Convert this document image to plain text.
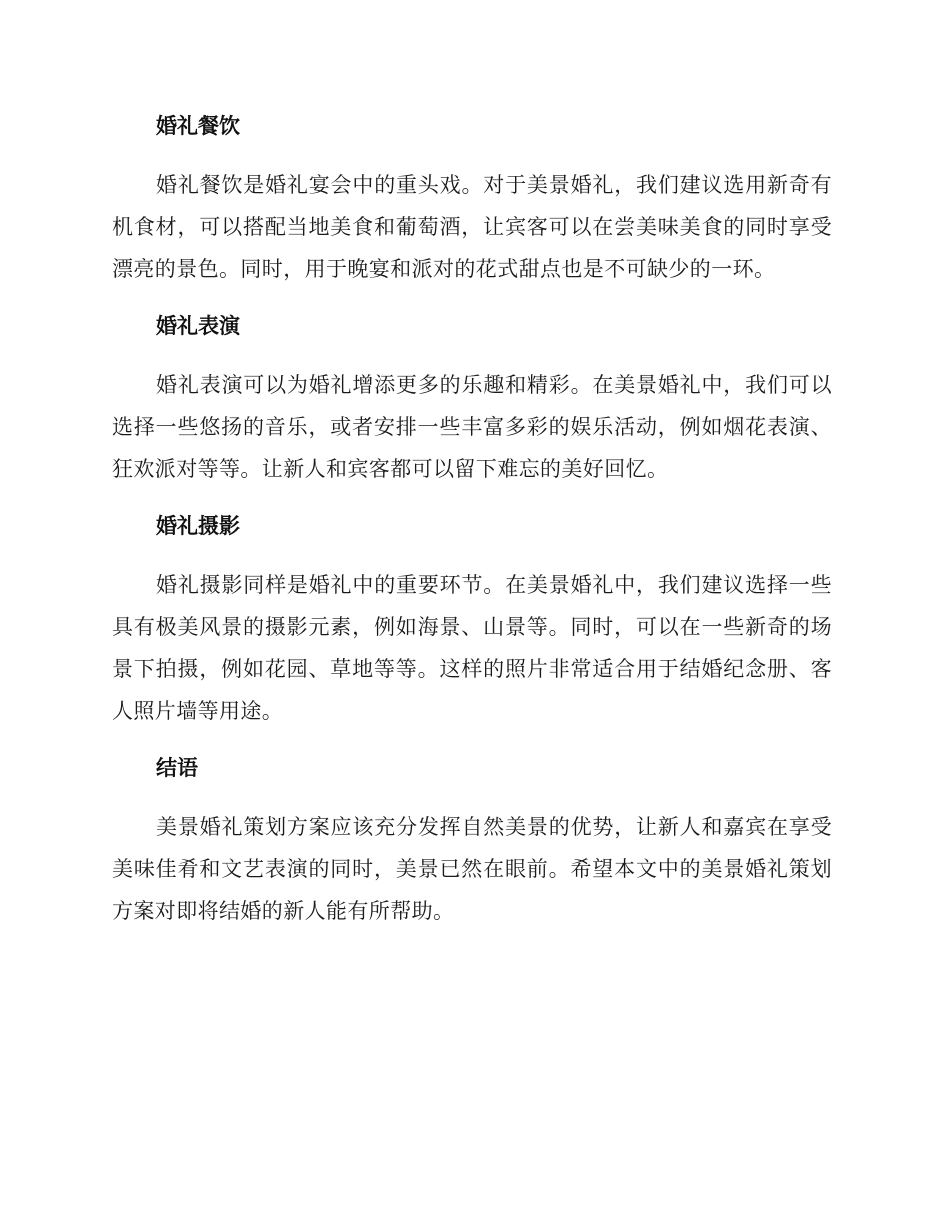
婚礼餐饮

婚礼餐饮是婚礼宴会中的重头戏。对于美景婚礼，我们建议选用新奇有机食材，可以搭配当地美食和葡萄酒，让宾客可以在尝美味美食的同时享受漂亮的景色。同时，用于晚宴和派对的花式甜点也是不可缺少的一环。

婚礼表演

婚礼表演可以为婚礼增添更多的乐趣和精彩。在美景婚礼中，我们可以选择一些悠扬的音乐，或者安排一些丰富多彩的娱乐活动，例如烟花表演、狂欢派对等等。让新人和宾客都可以留下难忘的美好回忆。

婚礼摄影

婚礼摄影同样是婚礼中的重要环节。在美景婚礼中，我们建议选择一些具有极美风景的摄影元素，例如海景、山景等。同时，可以在一些新奇的场景下拍摄，例如花园、草地等等。这样的照片非常适合用于结婚纪念册、客人照片墙等用途。

结语

美景婚礼策划方案应该充分发挥自然美景的优势，让新人和嘉宾在享受美味佳肴和文艺表演的同时，美景已然在眼前。希望本文中的美景婚礼策划方案对即将结婚的新人能有所帮助。
